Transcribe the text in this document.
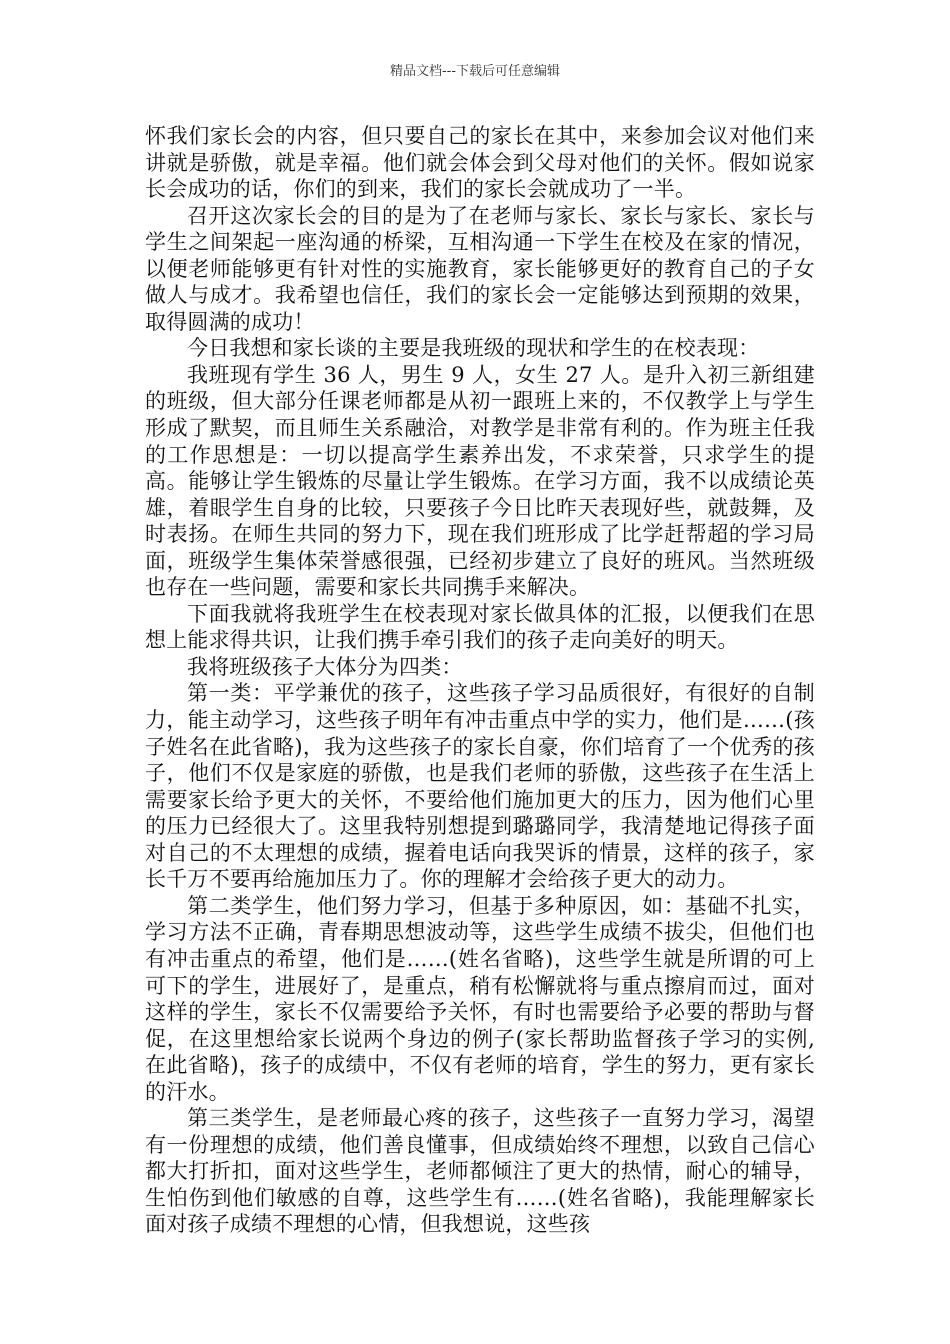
精品文档---下载后可任意编辑

怀我们家长会的内容，但只要自己的家长在其中，来参加会议对他们来讲就是骄傲，就是幸福。他们就会体会到父母对他们的关怀。假如说家长会成功的话，你们的到来，我们的家长会就成功了一半。

召开这次家长会的目的是为了在老师与家长、家长与家长、家长与学生之间架起一座沟通的桥梁，互相沟通一下学生在校及在家的情况，以便老师能够更有针对性的实施教育，家长能够更好的教育自己的子女做人与成才。我希望也信任，我们的家长会一定能够达到预期的效果，取得圆满的成功！

今日我想和家长谈的主要是我班级的现状和学生的在校表现：

我班现有学生 36 人，男生 9 人，女生 27 人。是升入初三新组建的班级，但大部分任课老师都是从初一跟班上来的，不仅教学上与学生形成了默契，而且师生关系融洽，对教学是非常有利的。作为班主任我的工作思想是：一切以提高学生素养出发，不求荣誉，只求学生的提高。能够让学生锻炼的尽量让学生锻炼。在学习方面，我不以成绩论英雄，着眼学生自身的比较，只要孩子今日比昨天表现好些，就鼓舞，及时表扬。在师生共同的努力下，现在我们班形成了比学赶帮超的学习局面，班级学生集体荣誉感很强，已经初步建立了良好的班风。当然班级也存在一些问题，需要和家长共同携手来解决。

下面我就将我班学生在校表现对家长做具体的汇报，以便我们在思想上能求得共识，让我们携手牵引我们的孩子走向美好的明天。

我将班级孩子大体分为四类：

第一类：平学兼优的孩子，这些孩子学习品质很好，有很好的自制力，能主动学习，这些孩子明年有冲击重点中学的实力，他们是……(孩子姓名在此省略)，我为这些孩子的家长自豪，你们培育了一个优秀的孩子，他们不仅是家庭的骄傲，也是我们老师的骄傲，这些孩子在生活上需要家长给予更大的关怀，不要给他们施加更大的压力，因为他们心里的压力已经很大了。这里我特别想提到璐璐同学，我清楚地记得孩子面对自己的不太理想的成绩，握着电话向我哭诉的情景，这样的孩子，家长千万不要再给施加压力了。你的理解才会给孩子更大的动力。

第二类学生，他们努力学习，但基于多种原因，如：基础不扎实，学习方法不正确，青春期思想波动等，这些学生成绩不拔尖，但他们也有冲击重点的希望，他们是……(姓名省略)，这些学生就是所谓的可上可下的学生，进展好了，是重点，稍有松懈就将与重点擦肩而过，面对这样的学生，家长不仅需要给予关怀，有时也需要给予必要的帮助与督促，在这里想给家长说两个身边的例子(家长帮助监督孩子学习的实例,在此省略)，孩子的成绩中，不仅有老师的培育，学生的努力，更有家长的汗水。

第三类学生，是老师最心疼的孩子，这些孩子一直努力学习，渴望有一份理想的成绩，他们善良懂事，但成绩始终不理想，以致自己信心都大打折扣，面对这些学生，老师都倾注了更大的热情，耐心的辅导，生怕伤到他们敏感的自尊，这些学生有……(姓名省略)，我能理解家长面对孩子成绩不理想的心情，但我想说，这些孩
